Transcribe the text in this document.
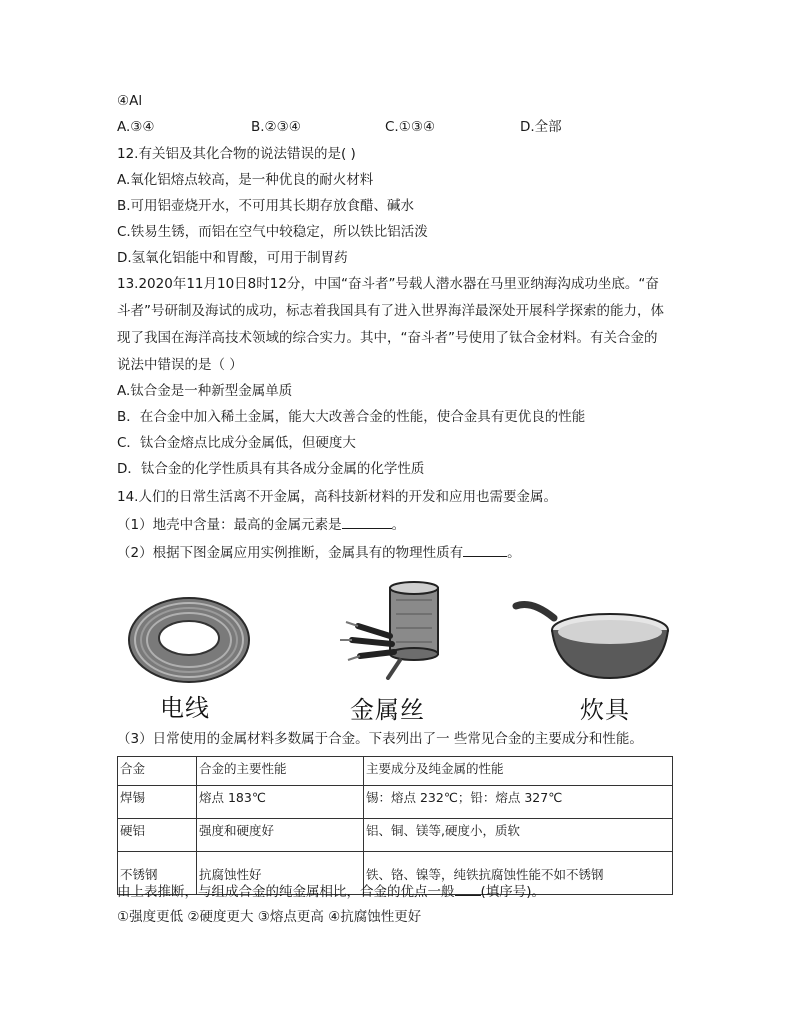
④Al
A.③④	B.②③④	C.①③④	D.全部
12.有关铝及其化合物的说法错误的是( )
A.氧化铝熔点较高，是一种优良的耐火材料
B.可用铝壶烧开水，不可用其长期存放食醋、碱水
C.铁易生锈，而铝在空气中较稳定，所以铁比铝活泼
D.氢氧化铝能中和胃酸，可用于制胃药
13.2020年11月10日8时12分，中国“奋斗者”号载人潜水器在马里亚纳海沟成功坐底。“奋
斗者”号研制及海试的成功，标志着我国具有了进入世界海洋最深处开展科学探索的能力，体
现了我国在海洋高技术领域的综合实力。其中，“奋斗者”号使用了钛合金材料。有关合金的
说法中错误的是（ ）
A.钛合金是一种新型金属单质
B．在合金中加入稀土金属，能大大改善合金的性能，使合金具有更优良的性能
C．钛合金熔点比成分金属低，但硬度大
D．钛合金的化学性质具有其各成分金属的化学性质
14.人们的日常生活离不开金属，高科技新材料的开发和应用也需要金属。
（1）地壳中含量：最高的金属元素是	。
（2）根据下图金属应用实例推断，金属具有的物理性质有	。
电线	金属丝	炊具
（3）日常使用的金属材料多数属于合金。下表列出了一 些常见合金的主要成分和性能。
合金	合金的主要性能	主要成分及纯金属的性能
焊锡	熔点 183℃	锡：熔点 232℃；铅：熔点 327℃
硬铝	强度和硬度好	铝、铜、镁等,硬度小，质软
不锈钢	抗腐蚀性好	铁、铬、镍等，纯铁抗腐蚀性能不如不锈钢
由上表推断，与组成合金的纯金属相比，合金的优点一般 (填序号)。
①强度更低 ②硬度更大 ③熔点更高 ④抗腐蚀性更好
